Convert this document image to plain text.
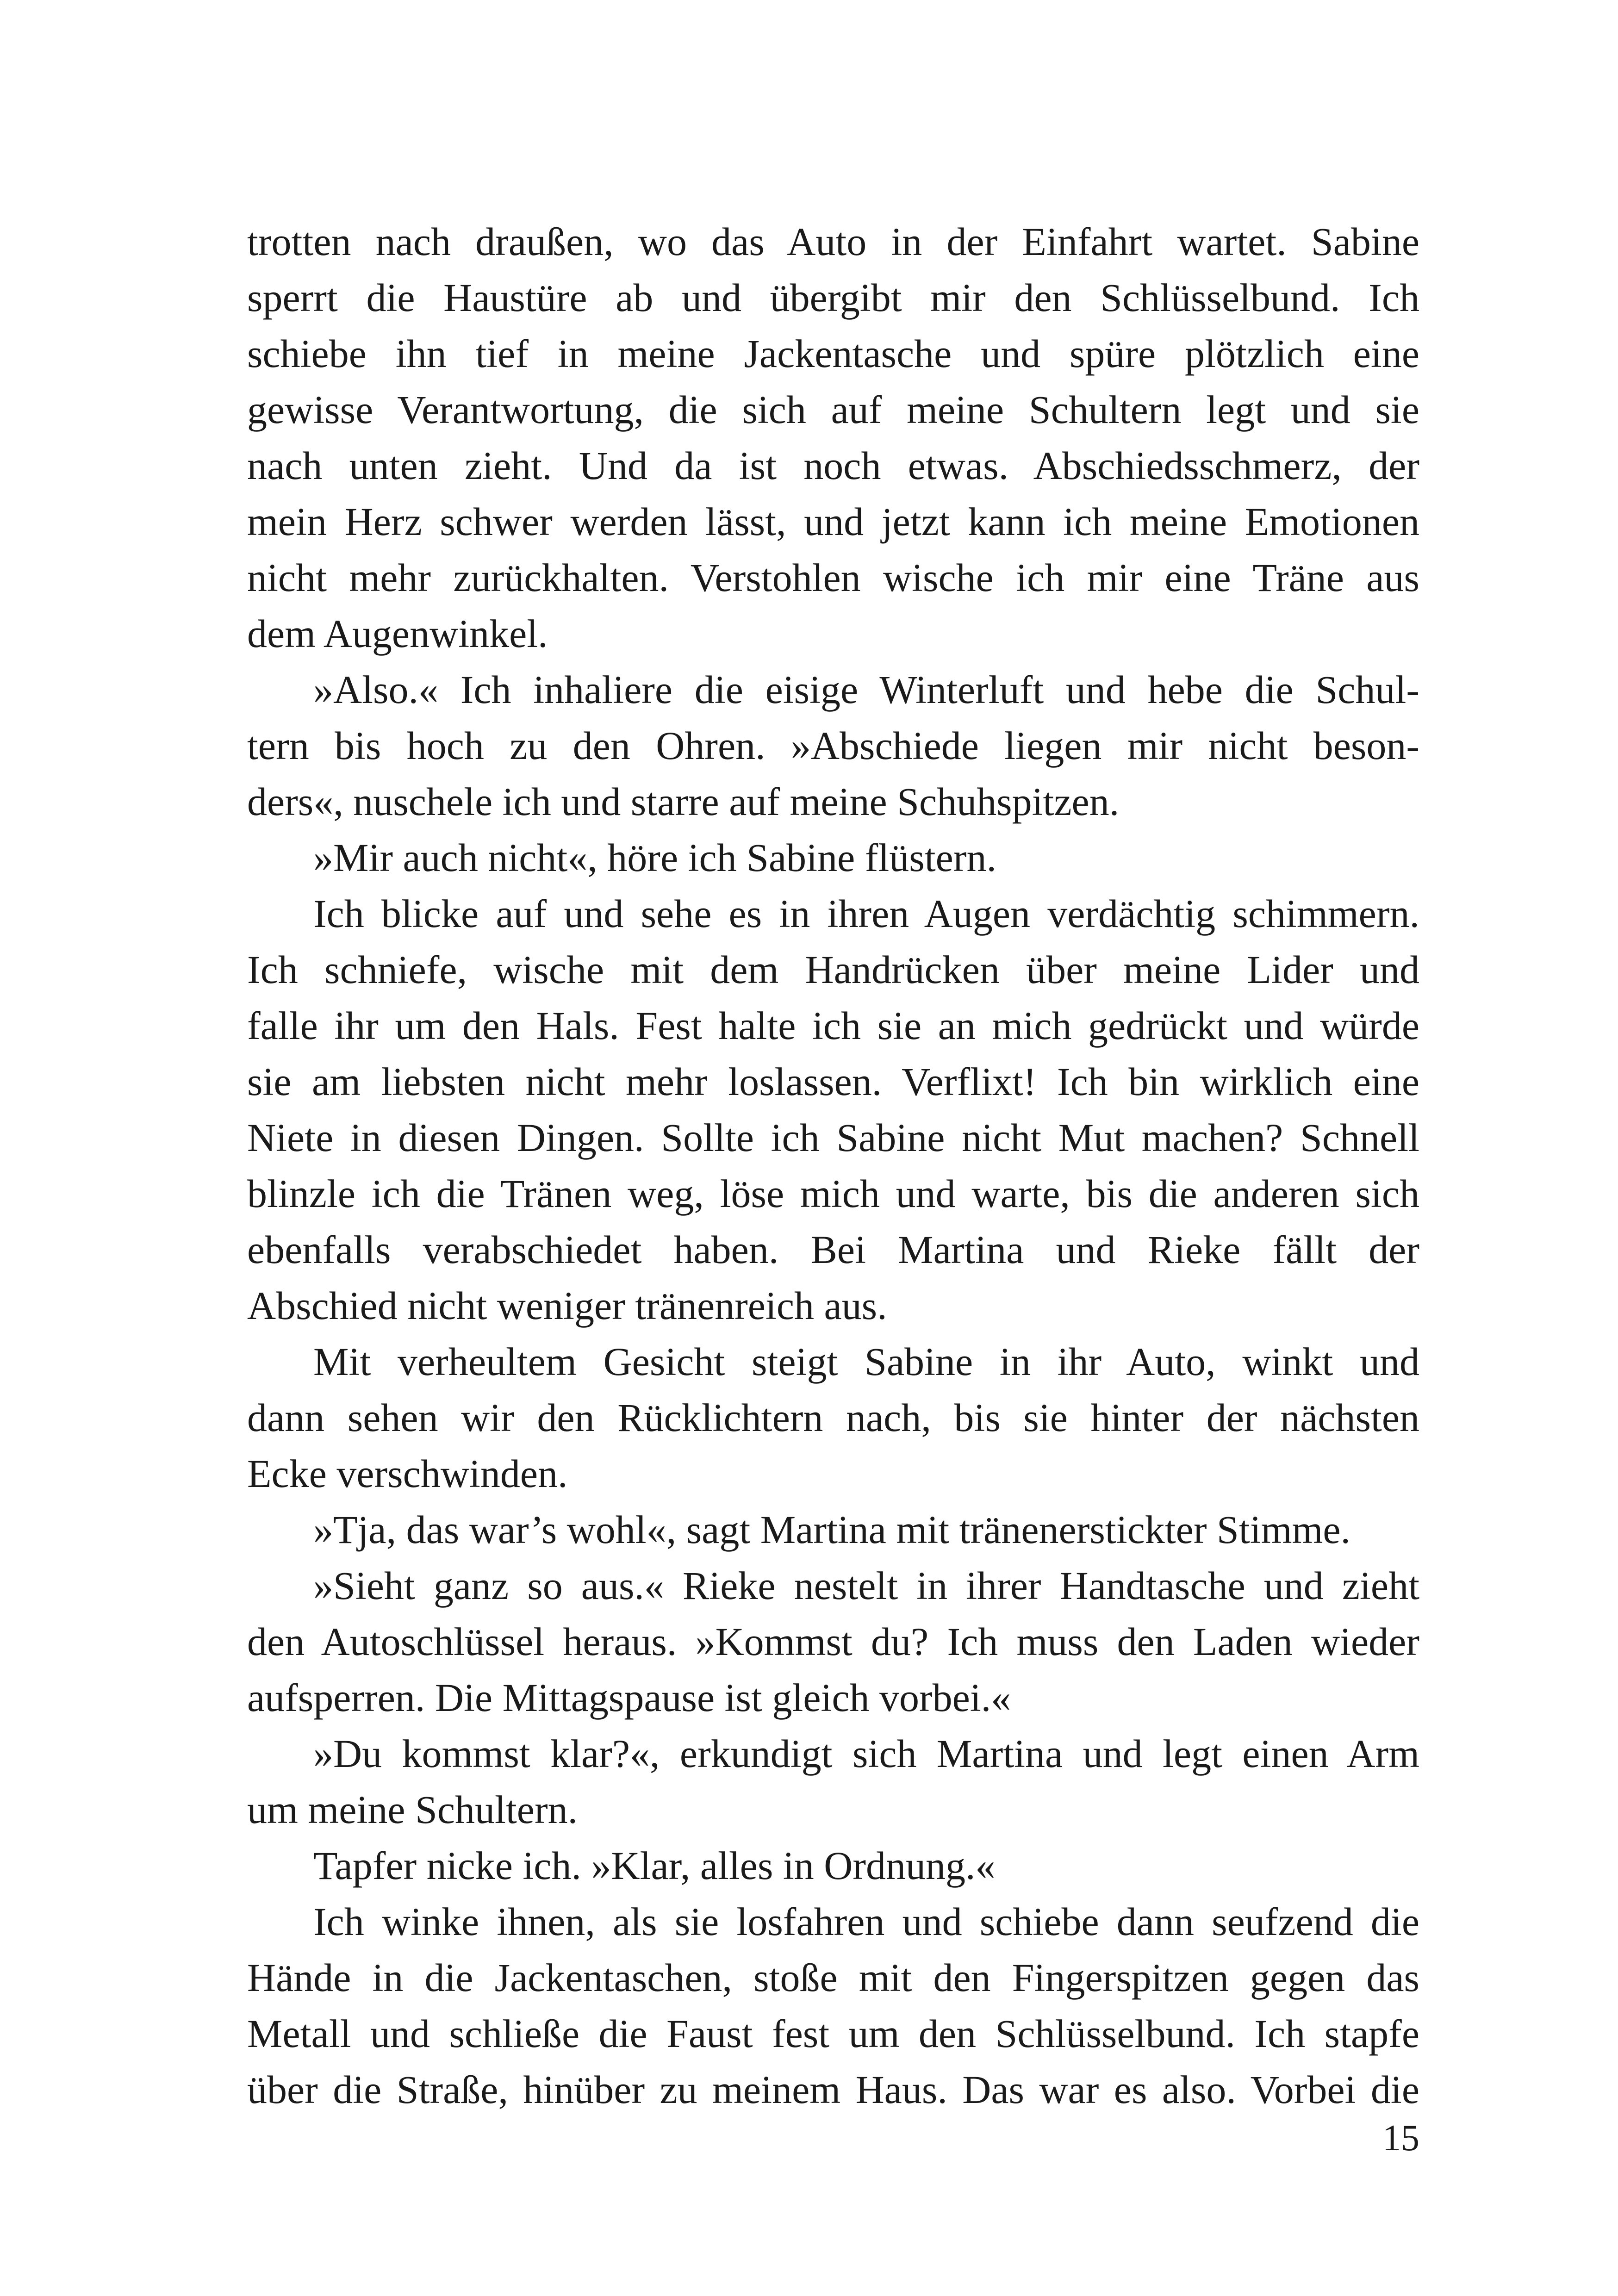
trotten nach draußen, wo das Auto in der Einfahrt wartet. Sabine
sperrt die Haustüre ab und übergibt mir den Schlüsselbund. Ich
schiebe ihn tief in meine Jackentasche und spüre plötzlich eine
gewisse Verantwortung, die sich auf meine Schultern legt und sie
nach unten zieht. Und da ist noch etwas. Abschiedsschmerz, der
mein Herz schwer werden lässt, und jetzt kann ich meine Emotionen
nicht mehr zurückhalten. Verstohlen wische ich mir eine Träne aus
dem Augenwinkel.
»Also.« Ich inhaliere die eisige Winterluft und hebe die Schul-
tern bis hoch zu den Ohren. »Abschiede liegen mir nicht beson-
ders«, nuschele ich und starre auf meine Schuhspitzen.
»Mir auch nicht«, höre ich Sabine flüstern.
Ich blicke auf und sehe es in ihren Augen verdächtig schimmern.
Ich schniefe, wische mit dem Handrücken über meine Lider und
falle ihr um den Hals. Fest halte ich sie an mich gedrückt und würde
sie am liebsten nicht mehr loslassen. Verflixt! Ich bin wirklich eine
Niete in diesen Dingen. Sollte ich Sabine nicht Mut machen? Schnell
blinzle ich die Tränen weg, löse mich und warte, bis die anderen sich
ebenfalls verabschiedet haben. Bei Martina und Rieke fällt der
Abschied nicht weniger tränenreich aus.
Mit verheultem Gesicht steigt Sabine in ihr Auto, winkt und
dann sehen wir den Rücklichtern nach, bis sie hinter der nächsten
Ecke verschwinden.
»Tja, das war’s wohl«, sagt Martina mit tränenerstickter Stimme.
»Sieht ganz so aus.« Rieke nestelt in ihrer Handtasche und zieht
den Autoschlüssel heraus. »Kommst du? Ich muss den Laden wieder
aufsperren. Die Mittagspause ist gleich vorbei.«
»Du kommst klar?«, erkundigt sich Martina und legt einen Arm
um meine Schultern.
Tapfer nicke ich. »Klar, alles in Ordnung.«
Ich winke ihnen, als sie losfahren und schiebe dann seufzend die
Hände in die Jackentaschen, stoße mit den Fingerspitzen gegen das
Metall und schließe die Faust fest um den Schlüsselbund. Ich stapfe
über die Straße, hinüber zu meinem Haus. Das war es also. Vorbei die
15
